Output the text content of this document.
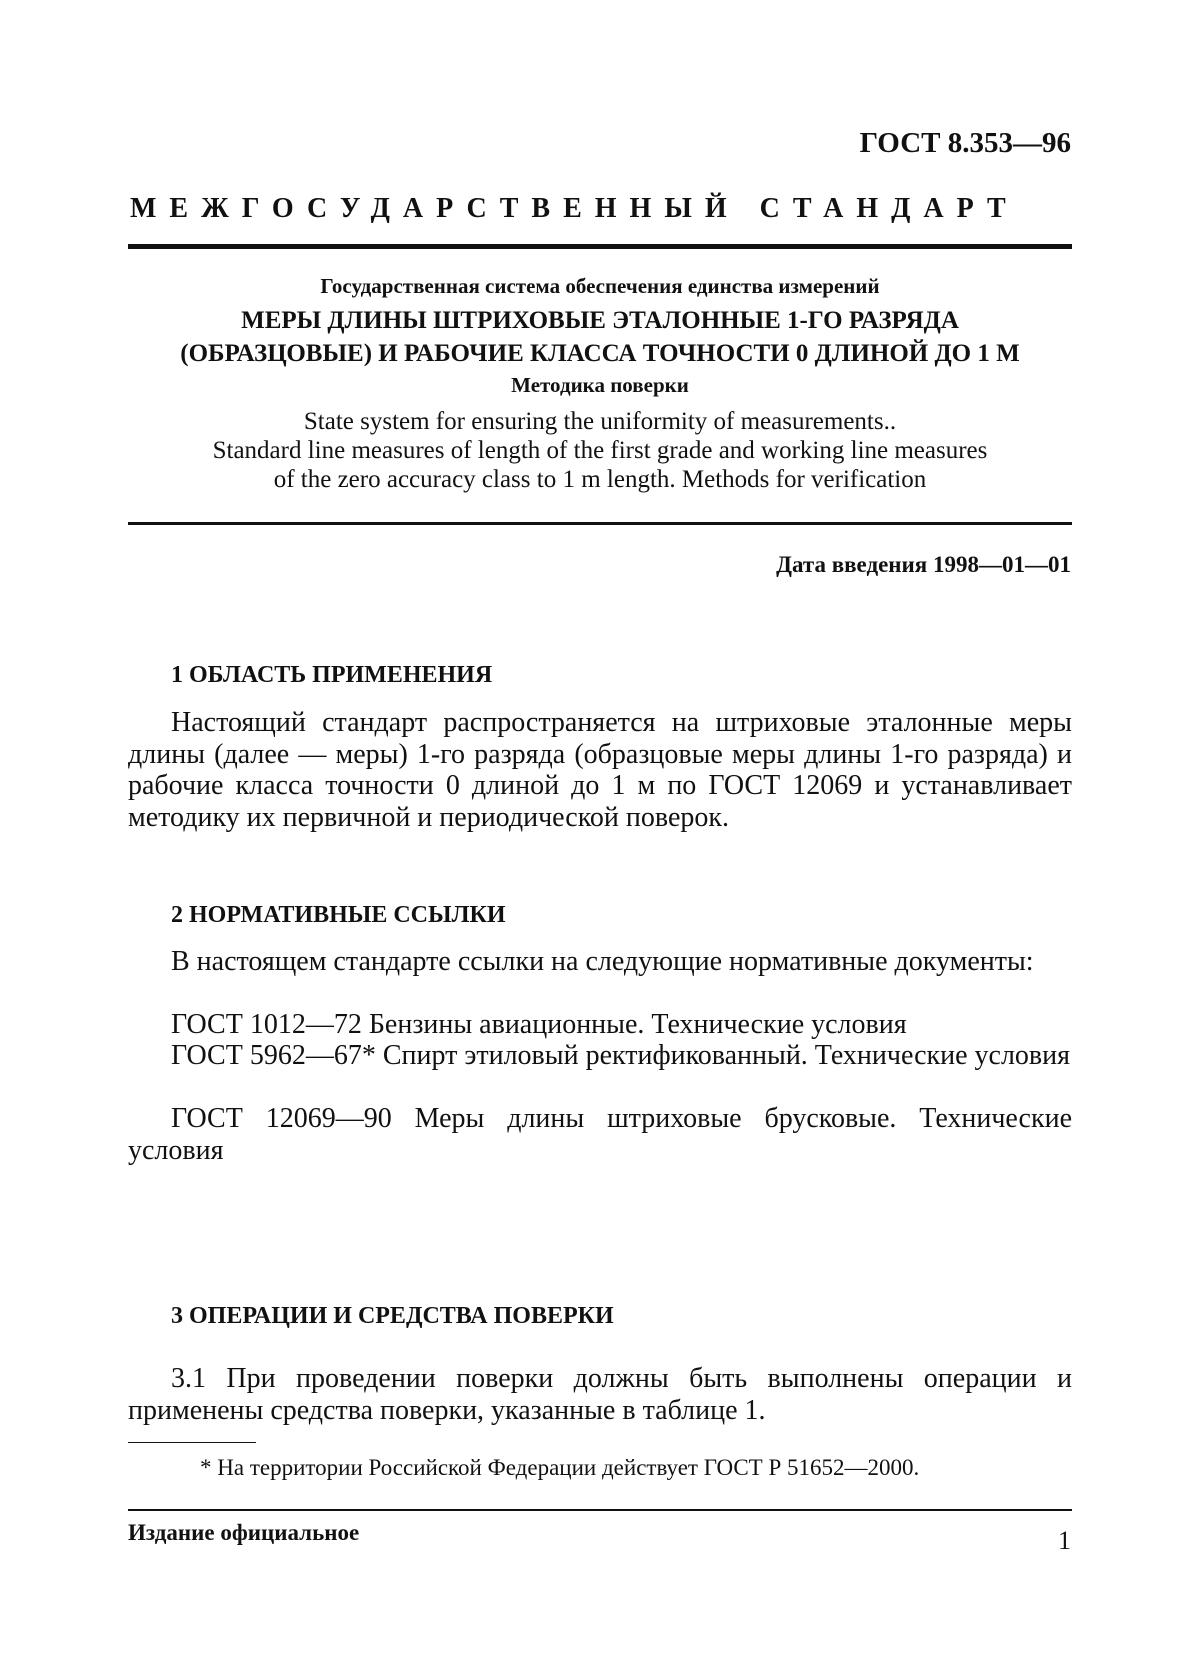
ГОСТ 8.353—96
МЕЖГОСУДАРСТВЕННЫЙ СТАНДАРТ
Государственная система обеспечения единства измерений
МЕРЫ ДЛИНЫ ШТРИХОВЫЕ ЭТАЛОННЫЕ 1-ГО РАЗРЯДА
(ОБРАЗЦОВЫЕ) И РАБОЧИЕ КЛАССА ТОЧНОСТИ 0 ДЛИНОЙ ДО 1 М
Методика поверки
State system for ensuring the uniformity of measurements..
Standard line measures of length of the first grade and working line measures
of the zero accuracy class to 1 m length. Methods for verification
Дата введения 1998—01—01
1 ОБЛАСТЬ ПРИМЕНЕНИЯ
Настоящий стандарт распространяется на штриховые эталонные меры длины (далее — меры) 1-го разряда (образцовые меры длины 1-го разряда) и рабочие класса точности 0 длиной до 1 м по ГОСТ 12069 и устанавливает методику их первичной и периодической поверок.
2 НОРМАТИВНЫЕ ССЫЛКИ
В настоящем стандарте ссылки на следующие нормативные документы:
ГОСТ 1012—72 Бензины авиационные. Технические условия
ГОСТ 5962—67* Спирт этиловый ректификованный. Технические условия
ГОСТ 12069—90 Меры длины штриховые брусковые. Технические условия
3 ОПЕРАЦИИ И СРЕДСТВА ПОВЕРКИ
3.1 При проведении поверки должны быть выполнены операции и применены средства поверки, указанные в таблице 1.
* На территории Российской Федерации действует ГОСТ Р 51652—2000.
Издание официальное	1
